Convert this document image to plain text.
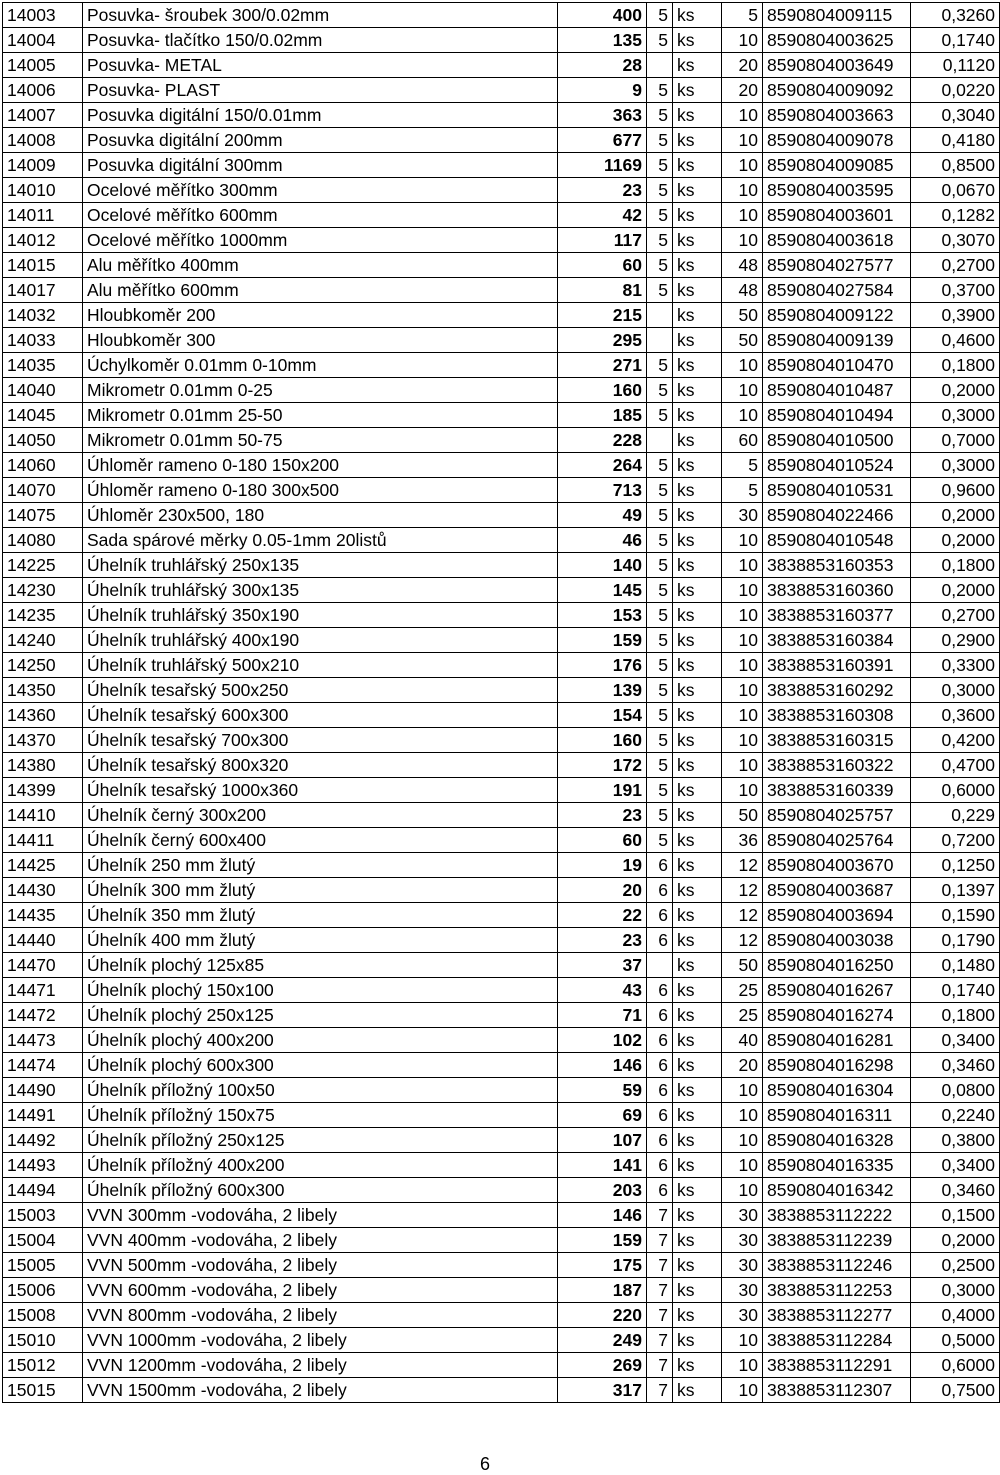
14003	Posuvka- šroubek 300/0.02mm	400	5	ks	5	8590804009115	0,3260
14004	Posuvka- tlačítko 150/0.02mm	135	5	ks	10	8590804003625	0,1740
14005	Posuvka- METAL	28		ks	20	8590804003649	0,1120
14006	Posuvka- PLAST	9	5	ks	20	8590804009092	0,0220
14007	Posuvka digitální 150/0.01mm	363	5	ks	10	8590804003663	0,3040
14008	Posuvka digitální 200mm	677	5	ks	10	8590804009078	0,4180
14009	Posuvka digitální 300mm	1169	5	ks	10	8590804009085	0,8500
14010	Ocelové měřítko 300mm	23	5	ks	10	8590804003595	0,0670
14011	Ocelové měřítko 600mm	42	5	ks	10	8590804003601	0,1282
14012	Ocelové měřítko 1000mm	117	5	ks	10	8590804003618	0,3070
14015	Alu měřítko 400mm	60	5	ks	48	8590804027577	0,2700
14017	Alu měřítko 600mm	81	5	ks	48	8590804027584	0,3700
14032	Hloubkoměr 200	215		ks	50	8590804009122	0,3900
14033	Hloubkoměr 300	295		ks	50	8590804009139	0,4600
14035	Úchylkoměr 0.01mm 0-10mm	271	5	ks	10	8590804010470	0,1800
14040	Mikrometr 0.01mm 0-25	160	5	ks	10	8590804010487	0,2000
14045	Mikrometr 0.01mm 25-50	185	5	ks	10	8590804010494	0,3000
14050	Mikrometr 0.01mm 50-75	228		ks	60	8590804010500	0,7000
14060	Úhloměr rameno 0-180 150x200	264	5	ks	5	8590804010524	0,3000
14070	Úhloměr rameno 0-180 300x500	713	5	ks	5	8590804010531	0,9600
14075	Úhloměr 230x500, 180	49	5	ks	30	8590804022466	0,2000
14080	Sada spárové měrky 0.05-1mm 20listů	46	5	ks	10	8590804010548	0,2000
14225	Úhelník truhlářský 250x135	140	5	ks	10	3838853160353	0,1800
14230	Úhelník truhlářský 300x135	145	5	ks	10	3838853160360	0,2000
14235	Úhelník truhlářský 350x190	153	5	ks	10	3838853160377	0,2700
14240	Úhelník truhlářský 400x190	159	5	ks	10	3838853160384	0,2900
14250	Úhelník truhlářský 500x210	176	5	ks	10	3838853160391	0,3300
14350	Úhelník tesařský 500x250	139	5	ks	10	3838853160292	0,3000
14360	Úhelník tesařský 600x300	154	5	ks	10	3838853160308	0,3600
14370	Úhelník tesařský 700x300	160	5	ks	10	3838853160315	0,4200
14380	Úhelník tesařský 800x320	172	5	ks	10	3838853160322	0,4700
14399	Úhelník tesařský 1000x360	191	5	ks	10	3838853160339	0,6000
14410	Úhelník černý 300x200	23	5	ks	50	8590804025757	0,229
14411	Úhelník černý 600x400	60	5	ks	36	8590804025764	0,7200
14425	Úhelník 250 mm žlutý	19	6	ks	12	8590804003670	0,1250
14430	Úhelník 300 mm žlutý	20	6	ks	12	8590804003687	0,1397
14435	Úhelník 350 mm žlutý	22	6	ks	12	8590804003694	0,1590
14440	Úhelník 400 mm žlutý	23	6	ks	12	8590804003038	0,1790
14470	Úhelník plochý 125x85	37		ks	50	8590804016250	0,1480
14471	Úhelník plochý 150x100	43	6	ks	25	8590804016267	0,1740
14472	Úhelník plochý 250x125	71	6	ks	25	8590804016274	0,1800
14473	Úhelník plochý 400x200	102	6	ks	40	8590804016281	0,3400
14474	Úhelník plochý 600x300	146	6	ks	20	8590804016298	0,3460
14490	Úhelník příložný 100x50	59	6	ks	10	8590804016304	0,0800
14491	Úhelník příložný 150x75	69	6	ks	10	8590804016311	0,2240
14492	Úhelník příložný 250x125	107	6	ks	10	8590804016328	0,3800
14493	Úhelník příložný 400x200	141	6	ks	10	8590804016335	0,3400
14494	Úhelník příložný 600x300	203	6	ks	10	8590804016342	0,3460
15003	VVN 300mm -vodováha, 2 libely	146	7	ks	30	3838853112222	0,1500
15004	VVN 400mm -vodováha, 2 libely	159	7	ks	30	3838853112239	0,2000
15005	VVN 500mm -vodováha, 2 libely	175	7	ks	30	3838853112246	0,2500
15006	VVN 600mm -vodováha, 2 libely	187	7	ks	30	3838853112253	0,3000
15008	VVN 800mm -vodováha, 2 libely	220	7	ks	30	3838853112277	0,4000
15010	VVN 1000mm -vodováha, 2 libely	249	7	ks	10	3838853112284	0,5000
15012	VVN 1200mm -vodováha, 2 libely	269	7	ks	10	3838853112291	0,6000
15015	VVN 1500mm -vodováha, 2 libely	317	7	ks	10	3838853112307	0,7500
6
